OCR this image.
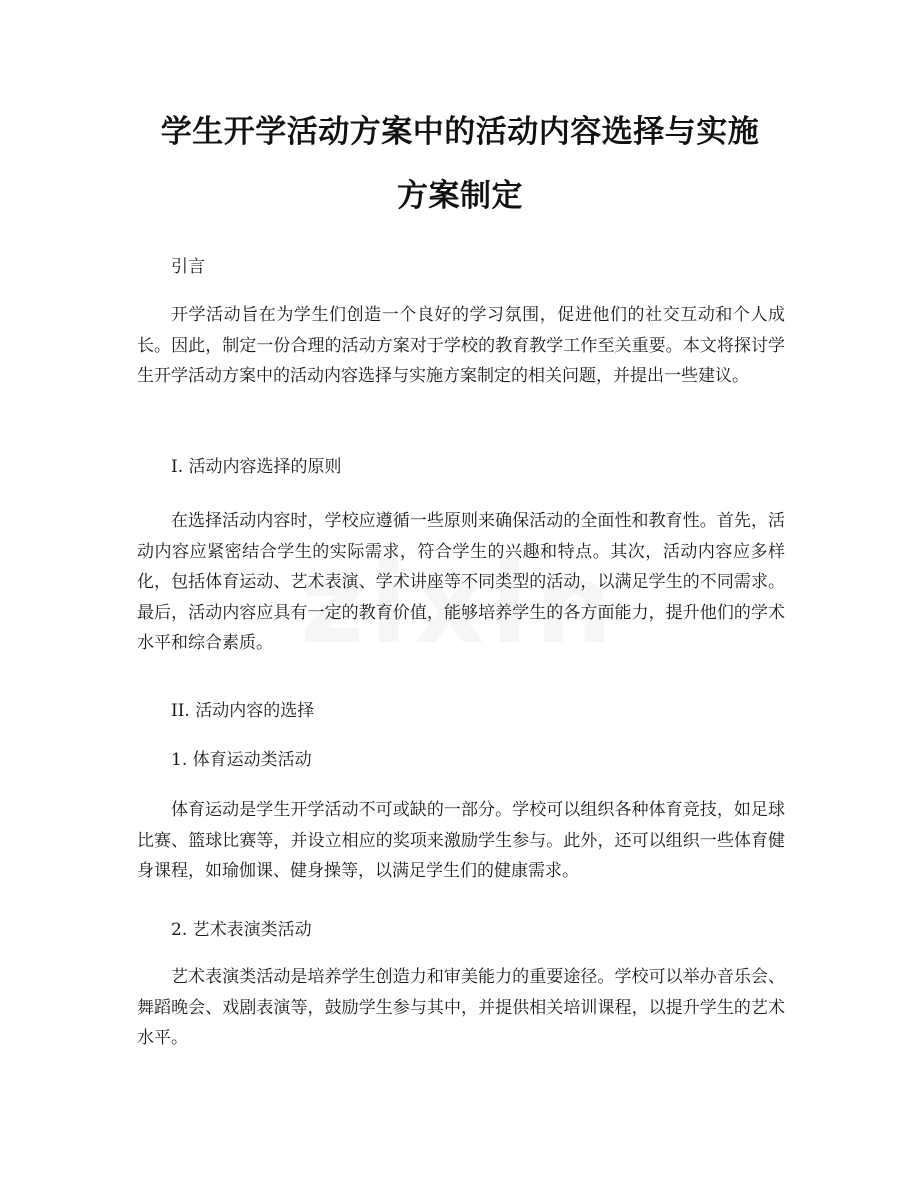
学生开学活动方案中的活动内容选择与实施
方案制定

引言

开学活动旨在为学生们创造一个良好的学习氛围，促进他们的社交互动和个人成长。因此，制定一份合理的活动方案对于学校的教育教学工作至关重要。本文将探讨学生开学活动方案中的活动内容选择与实施方案制定的相关问题，并提出一些建议。

I. 活动内容选择的原则

在选择活动内容时，学校应遵循一些原则来确保活动的全面性和教育性。首先，活动内容应紧密结合学生的实际需求，符合学生的兴趣和特点。其次，活动内容应多样化，包括体育运动、艺术表演、学术讲座等不同类型的活动，以满足学生的不同需求。最后，活动内容应具有一定的教育价值，能够培养学生的各方面能力，提升他们的学术水平和综合素质。

II. 活动内容的选择

1. 体育运动类活动

体育运动是学生开学活动不可或缺的一部分。学校可以组织各种体育竞技，如足球比赛、篮球比赛等，并设立相应的奖项来激励学生参与。此外，还可以组织一些体育健身课程，如瑜伽课、健身操等，以满足学生们的健康需求。

2. 艺术表演类活动

艺术表演类活动是培养学生创造力和审美能力的重要途径。学校可以举办音乐会、舞蹈晚会、戏剧表演等，鼓励学生参与其中，并提供相关培训课程，以提升学生的艺术水平。
